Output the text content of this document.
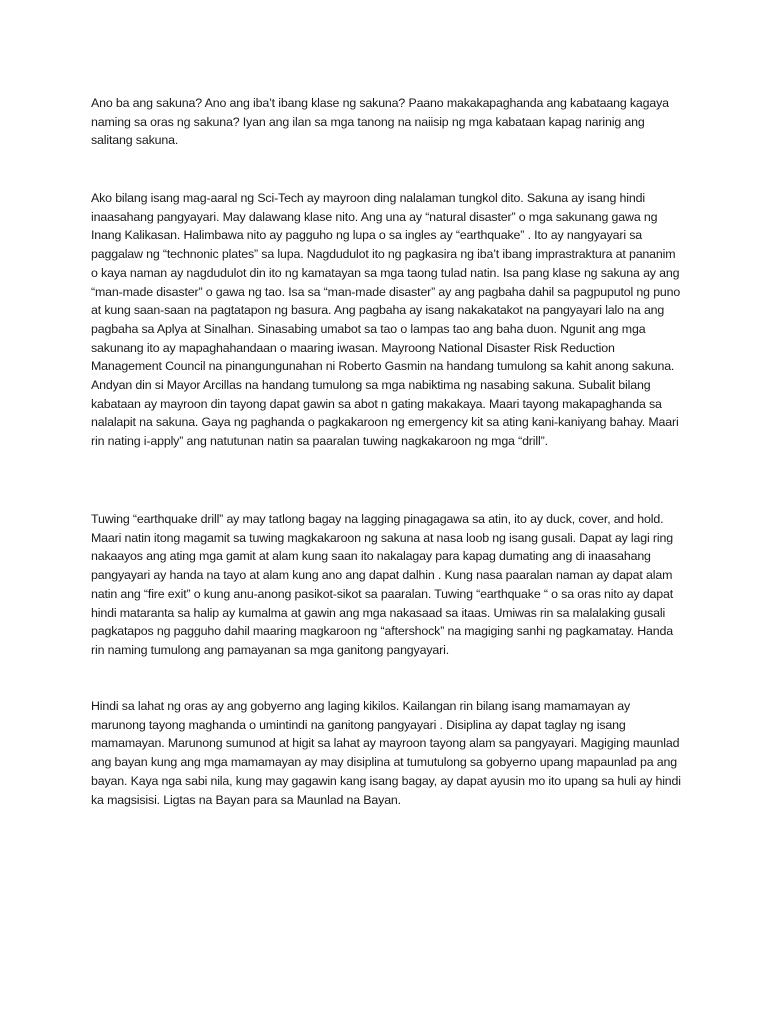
Ano ba ang sakuna? Ano ang iba’t ibang klase ng sakuna? Paano makakapaghanda ang kabataang kagaya naming sa oras ng sakuna? Iyan ang ilan sa mga tanong na naiisip ng mga kabataan kapag narinig ang salitang sakuna.

Ako bilang isang mag-aaral ng Sci-Tech ay mayroon ding nalalaman tungkol dito. Sakuna ay isang hindi inaasahang pangyayari. May dalawang klase nito. Ang una ay “natural disaster” o mga sakunang gawa ng Inang Kalikasan. Halimbawa nito ay pagguho ng lupa o sa ingles ay “earthquake” . Ito ay nangyayari sa paggalaw ng “technonic plates” sa lupa. Nagdudulot ito ng pagkasira ng iba’t ibang imprastraktura at pananim o kaya naman ay nagdudulot din ito ng kamatayan sa mga taong tulad natin. Isa pang klase ng sakuna ay ang “man-made disaster” o gawa ng tao. Isa sa “man-made disaster” ay ang pagbaha dahil sa pagpuputol ng puno at kung saan-saan na pagtatapon ng basura. Ang pagbaha ay isang nakakatakot na pangyayari lalo na ang pagbaha sa Aplya at Sinalhan. Sinasabing umabot sa tao o lampas tao ang baha duon. Ngunit ang mga sakunang ito ay mapaghahandaan o maaring iwasan. Mayroong National Disaster Risk Reduction Management Council na pinangungunahan ni Roberto Gasmin na handang tumulong sa kahit anong sakuna. Andyan din si Mayor Arcillas na handang tumulong sa mga nabiktima ng nasabing sakuna. Subalit bilang kabataan ay mayroon din tayong dapat gawin sa abot n gating makakaya. Maari tayong makapaghanda sa nalalapit na sakuna. Gaya ng paghanda o pagkakaroon ng emergency kit sa ating kani-kaniyang bahay. Maari rin nating i-apply” ang natutunan natin sa paaralan tuwing nagkakaroon ng mga “drill”.

Tuwing “earthquake drill” ay may tatlong bagay na lagging pinagagawa sa atin, ito ay duck, cover, and hold. Maari natin itong magamit sa tuwing magkakaroon ng sakuna at nasa loob ng isang gusali. Dapat ay lagi ring nakaayos ang ating mga gamit at alam kung saan ito nakalagay para kapag dumating ang di inaasahang pangyayari ay handa na tayo at alam kung ano ang dapat dalhin . Kung nasa paaralan naman ay dapat alam natin ang “fire exit” o kung anu-anong pasikot-sikot sa paaralan. Tuwing “earthquake “ o sa oras nito ay dapat hindi mataranta sa halip ay kumalma at gawin ang mga nakasaad sa itaas. Umiwas rin sa malalaking gusali pagkatapos ng pagguho dahil maaring magkaroon ng “aftershock” na magiging sanhi ng pagkamatay. Handa rin naming tumulong ang pamayanan sa mga ganitong pangyayari.

Hindi sa lahat ng oras ay ang gobyerno ang laging kikilos. Kailangan rin bilang isang mamamayan ay marunong tayong maghanda o umintindi na ganitong pangyayari . Disiplina ay dapat taglay ng isang mamamayan. Marunong sumunod at higit sa lahat ay mayroon tayong alam sa pangyayari. Magiging maunlad ang bayan kung ang mga mamamayan ay may disiplina at tumutulong sa gobyerno upang mapaunlad pa ang bayan. Kaya nga sabi nila, kung may gagawin kang isang bagay, ay dapat ayusin mo ito upang sa huli ay hindi ka magsisisi. Ligtas na Bayan para sa Maunlad na Bayan.
